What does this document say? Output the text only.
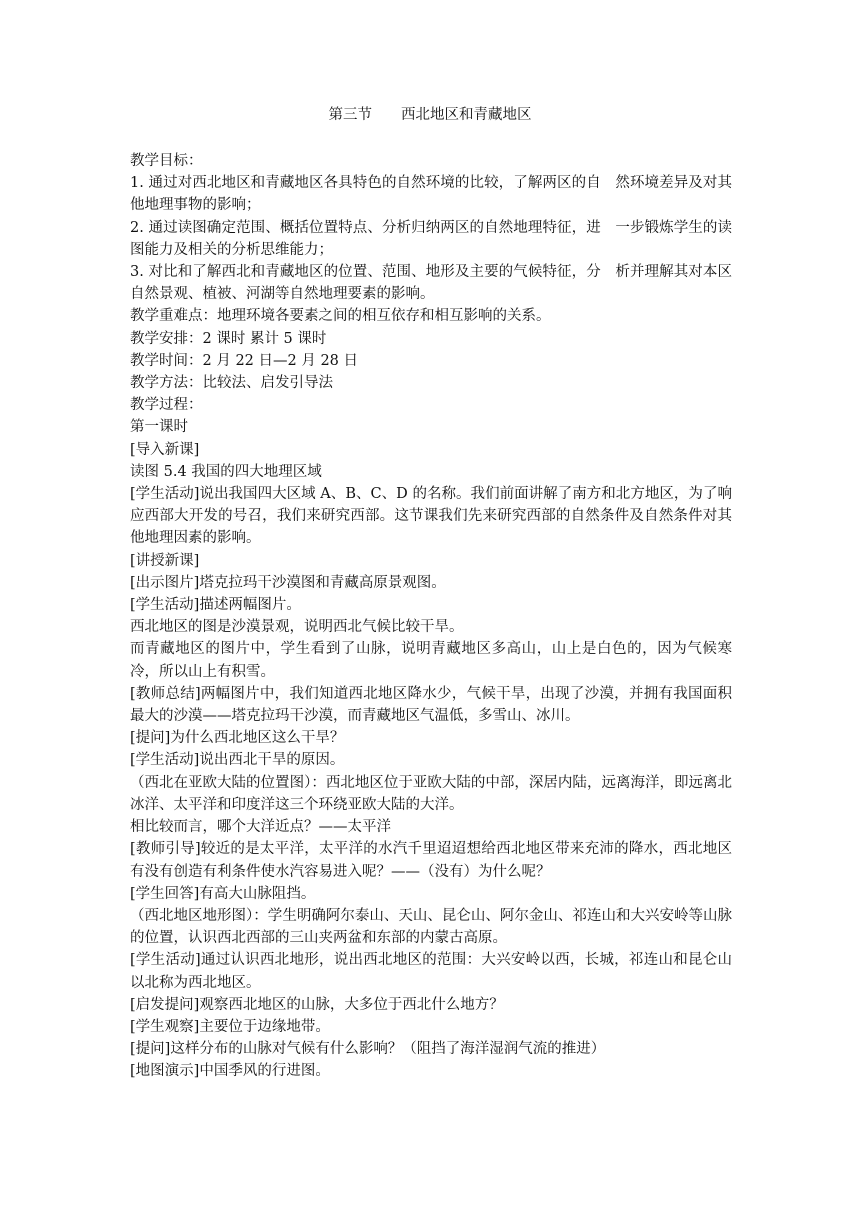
第三节　　西北地区和青藏地区

教学目标：

1. 通过对西北地区和青藏地区各具特色的自然环境的比较，了解两区的自　然环境差异及对其他地理事物的影响；

2. 通过读图确定范围、概括位置特点、分析归纳两区的自然地理特征，进　一步锻炼学生的读图能力及相关的分析思维能力；

3. 对比和了解西北和青藏地区的位置、范围、地形及主要的气候特征，分　析并理解其对本区自然景观、植被、河湖等自然地理要素的影响。

教学重难点：地理环境各要素之间的相互依存和相互影响的关系。

教学安排：2 课时 累计 5 课时

教学时间：2 月 22 日—2 月 28 日

教学方法：比较法、启发引导法

教学过程：

第一课时

[导入新课]

读图 5.4 我国的四大地理区域

[学生活动]说出我国四大区域 A、B、C、D 的名称。我们前面讲解了南方和北方地区，为了响应西部大开发的号召，我们来研究西部。这节课我们先来研究西部的自然条件及自然条件对其他地理因素的影响。

[讲授新课]

[出示图片]塔克拉玛干沙漠图和青藏高原景观图。

[学生活动]描述两幅图片。

西北地区的图是沙漠景观，说明西北气候比较干旱。

而青藏地区的图片中，学生看到了山脉，说明青藏地区多高山，山上是白色的，因为气候寒冷，所以山上有积雪。

[教师总结]两幅图片中，我们知道西北地区降水少，气候干旱，出现了沙漠，并拥有我国面积最大的沙漠——塔克拉玛干沙漠，而青藏地区气温低，多雪山、冰川。

[提问]为什么西北地区这么干旱？

[学生活动]说出西北干旱的原因。

（西北在亚欧大陆的位置图）：西北地区位于亚欧大陆的中部，深居内陆，远离海洋，即远离北冰洋、太平洋和印度洋这三个环绕亚欧大陆的大洋。

相比较而言，哪个大洋近点？——太平洋

[教师引导]较近的是太平洋，太平洋的水汽千里迢迢想给西北地区带来充沛的降水，西北地区有没有创造有利条件使水汽容易进入呢？——（没有）为什么呢？

[学生回答]有高大山脉阻挡。

（西北地区地形图）：学生明确阿尔泰山、天山、昆仑山、阿尔金山、祁连山和大兴安岭等山脉的位置，认识西北西部的三山夹两盆和东部的内蒙古高原。

[学生活动]通过认识西北地形，说出西北地区的范围：大兴安岭以西，长城，祁连山和昆仑山以北称为西北地区。

[启发提问]观察西北地区的山脉，大多位于西北什么地方？

[学生观察]主要位于边缘地带。

[提问]这样分布的山脉对气候有什么影响？（阻挡了海洋湿润气流的推进）

[地图演示]中国季风的行进图。
